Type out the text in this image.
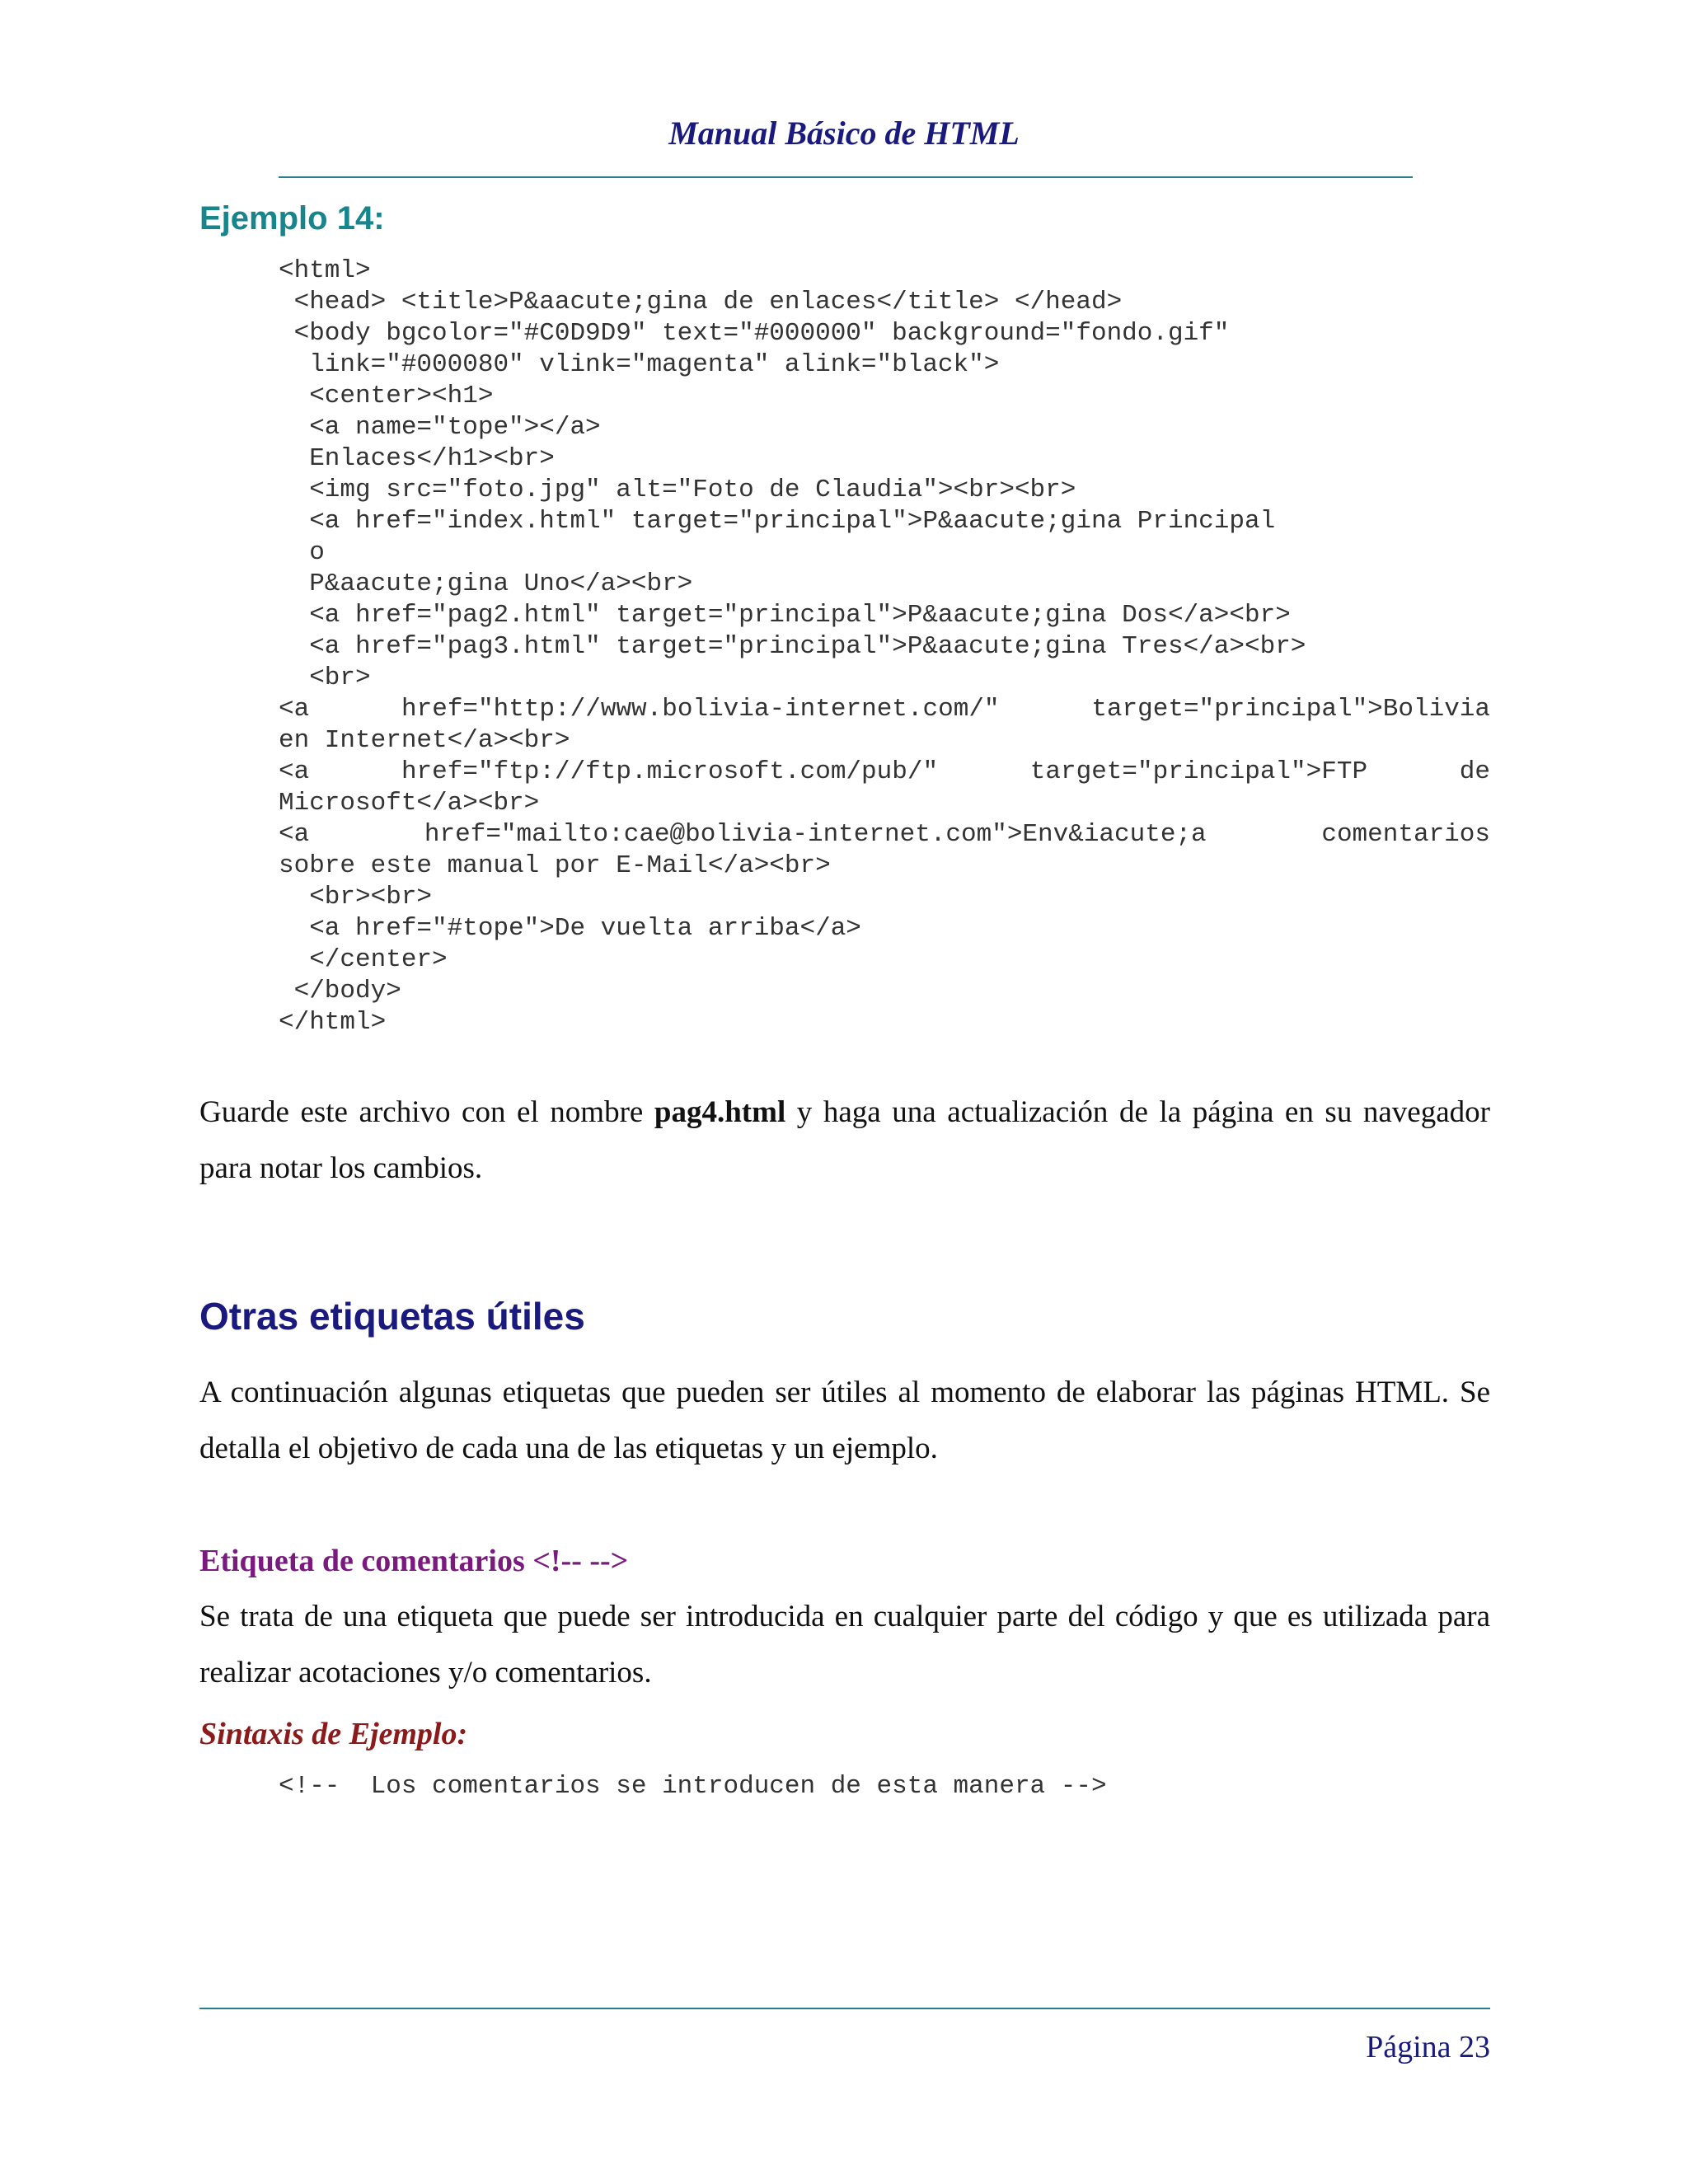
Manual Básico de HTML
Ejemplo 14:
<html>
<head> <title>P&aacute;gina de enlaces</title> </head>
<body bgcolor="#C0D9D9" text="#000000" background="fondo.gif"
link="#000080" vlink="magenta" alink="black">
<center><h1>
<a name="tope"></a>
Enlaces</h1><br>
<img src="foto.jpg" alt="Foto de Claudia"><br><br>
<a href="index.html" target="principal">P&aacute;gina Principal
o
P&aacute;gina Uno</a><br>
<a href="pag2.html" target="principal">P&aacute;gina Dos</a><br>
<a href="pag3.html" target="principal">P&aacute;gina Tres</a><br>
<br>
<a href="http://www.bolivia-internet.com/" target="principal">Bolivia
en Internet</a><br>
<a href="ftp://ftp.microsoft.com/pub/" target="principal">FTP de
Microsoft</a><br>
<a href="mailto:cae@bolivia-internet.com">Env&iacute;a comentarios
sobre este manual por E-Mail</a><br>
<br><br>
<a href="#tope">De vuelta arriba</a>
</center>
</body>
</html>
Guarde este archivo con el nombre pag4.html y haga una actualización de la página en su navegador para notar los cambios.
Otras etiquetas útiles
A continuación algunas etiquetas que pueden ser útiles al momento de elaborar las páginas HTML. Se detalla el objetivo de cada una de las etiquetas y un ejemplo.
Etiqueta de comentarios <!-- -->
Se trata de una etiqueta que puede ser introducida en cualquier parte del código y que es utilizada para realizar acotaciones y/o comentarios.
Sintaxis de Ejemplo:
<!--  Los comentarios se introducen de esta manera -->
Página 23
